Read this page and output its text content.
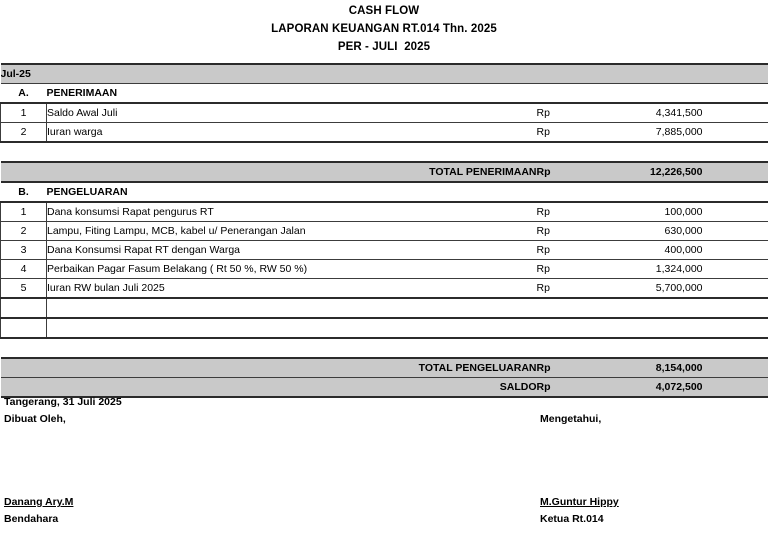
CASH FLOW
LAPORAN KEUANGAN RT.014 Thn. 2025
PER - JULI  2025
Jul-25				
A.	PENERIMAAN			
1	Saldo Awal Juli	Rp	4,341,500	
2	Iuran warga	Rp	7,885,000	

TOTAL PENERIMAAN		Rp	12,226,500	
B.	PENGELUARAN			
1	Dana konsumsi Rapat pengurus RT	Rp	100,000	
2	Lampu, Fiting Lampu, MCB, kabel u/ Penerangan Jalan	Rp	630,000	
3	Dana Konsumsi Rapat RT dengan Warga	Rp	400,000	
4	Perbaikan Pagar Fasum Belakang ( Rt 50 %, RW 50 %)	Rp	1,324,000	
5	Iuran RW bulan Juli 2025	Rp	5,700,000	

TOTAL PENGELUARAN		Rp	8,154,000	
SALDO		Rp	4,072,500	
Tangerang, 31 Juli 2025
Dibuat Oleh,	Mengetahui,
Danang Ary.M	M.Guntur Hippy
Bendahara	Ketua Rt.014
